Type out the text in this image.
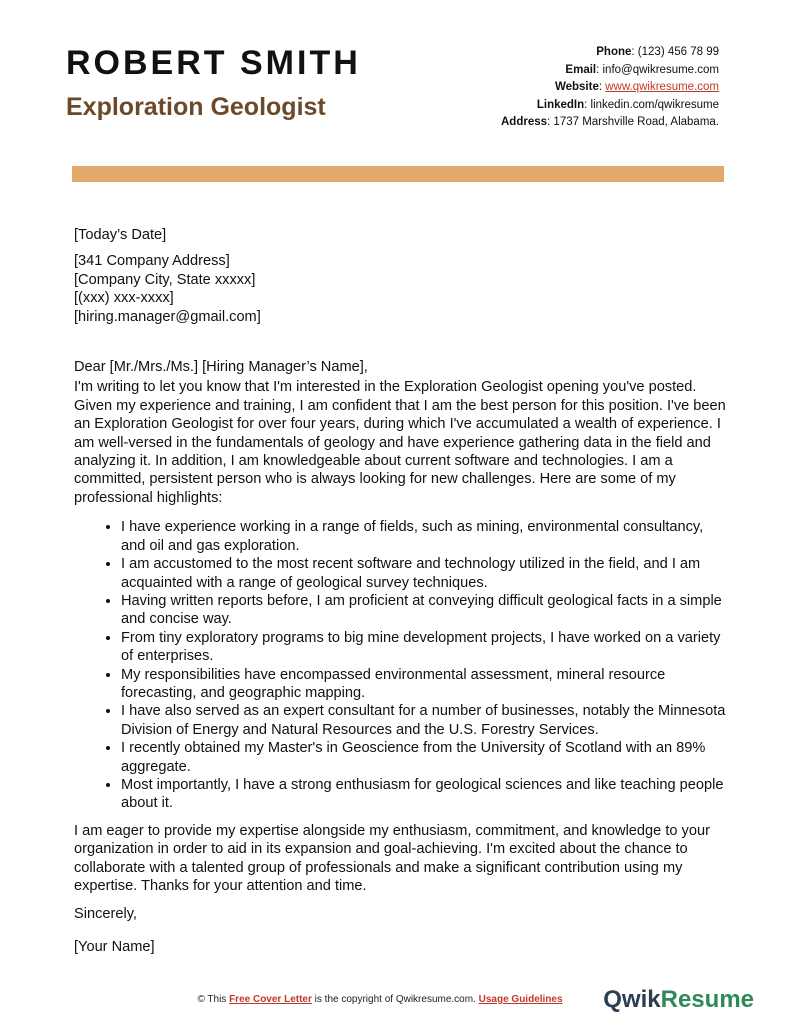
ROBERT SMITH
Exploration Geologist
Phone: (123) 456 78 99
Email: info@qwikresume.com
Website: www.qwikresume.com
LinkedIn: linkedin.com/qwikresume
Address: 1737 Marshville Road, Alabama.

[Today’s Date]

[341 Company Address]

[Company City, State xxxxx]

[(xxx) xxx-xxxx]

[hiring.manager@gmail.com]

Dear [Mr./Mrs./Ms.] [Hiring Manager’s Name],

I'm writing to let you know that I'm interested in the Exploration Geologist opening you've posted. Given my experience and training, I am confident that I am the best person for this position. I've been an Exploration Geologist for over four years, during which I've accumulated a wealth of experience. I am well-versed in the fundamentals of geology and have experience gathering data in the field and analyzing it. In addition, I am knowledgeable about current software and technologies. I am a committed, persistent person who is always looking for new challenges. Here are some of my professional highlights:

• I have experience working in a range of fields, such as mining, environmental consultancy, and oil and gas exploration.
• I am accustomed to the most recent software and technology utilized in the field, and I am acquainted with a range of geological survey techniques.
• Having written reports before, I am proficient at conveying difficult geological facts in a simple and concise way.
• From tiny exploratory programs to big mine development projects, I have worked on a variety of enterprises.
• My responsibilities have encompassed environmental assessment, mineral resource forecasting, and geographic mapping.
• I have also served as an expert consultant for a number of businesses, notably the Minnesota Division of Energy and Natural Resources and the U.S. Forestry Services.
• I recently obtained my Master's in Geoscience from the University of Scotland with an 89% aggregate.
• Most importantly, I have a strong enthusiasm for geological sciences and like teaching people about it.

I am eager to provide my expertise alongside my enthusiasm, commitment, and knowledge to your organization in order to aid in its expansion and goal-achieving. I'm excited about the chance to collaborate with a talented group of professionals and make a significant contribution using my expertise. Thanks for your attention and time.

Sincerely,

[Your Name]

© This Free Cover Letter is the copyright of Qwikresume.com. Usage Guidelines	QwikResume
